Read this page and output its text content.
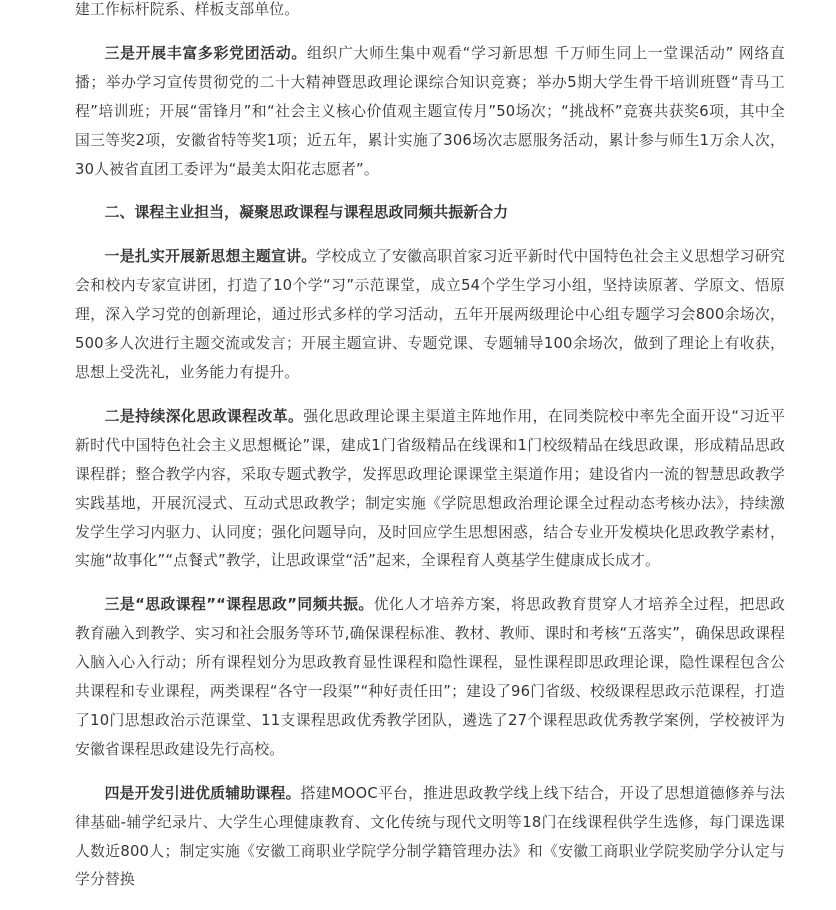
建工作标杆院系、样板支部单位。

三是开展丰富多彩党团活动。组织广大师生集中观看“学习新思想 千万师生同上一堂课活动” 网络直播；举办学习宣传贯彻党的二十大精神暨思政理论课综合知识竞赛；举办5期大学生骨干培训班暨“青马工程”培训班；开展“雷锋月”和“社会主义核心价值观主题宣传月”50场次；“挑战杯”竞赛共获奖6项，其中全国三等奖2项，安徽省特等奖1项；近五年，累计实施了306场次志愿服务活动，累计参与师生1万余人次，30人被省直团工委评为“最美太阳花志愿者”。

二、课程主业担当，凝聚思政课程与课程思政同频共振新合力

一是扎实开展新思想主题宣讲。学校成立了安徽高职首家习近平新时代中国特色社会主义思想学习研究会和校内专家宣讲团，打造了10个学“习”示范课堂，成立54个学生学习小组，坚持读原著、学原文、悟原理，深入学习党的创新理论，通过形式多样的学习活动，五年开展两级理论中心组专题学习会800余场次，500多人次进行主题交流或发言；开展主题宣讲、专题党课、专题辅导100余场次，做到了理论上有收获，思想上受洗礼，业务能力有提升。

二是持续深化思政课程改革。强化思政理论课主渠道主阵地作用，在同类院校中率先全面开设“习近平新时代中国特色社会主义思想概论”课，建成1门省级精品在线课和1门校级精品在线思政课，形成精品思政课程群；整合教学内容，采取专题式教学，发挥思政理论课课堂主渠道作用；建设省内一流的智慧思政教学实践基地，开展沉浸式、互动式思政教学；制定实施《学院思想政治理论课全过程动态考核办法》，持续激发学生学习内驱力、认同度；强化问题导向，及时回应学生思想困惑，结合专业开发模块化思政教学素材，实施“故事化”“点餐式”教学，让思政课堂“活”起来，全课程育人奠基学生健康成长成才。

三是“思政课程”“课程思政”同频共振。优化人才培养方案，将思政教育贯穿人才培养全过程，把思政教育融入到教学、实习和社会服务等环节,确保课程标准、教材、教师、课时和考核“五落实”，确保思政课程入脑入心入行动；所有课程划分为思政教育显性课程和隐性课程，显性课程即思政理论课，隐性课程包含公共课程和专业课程，两类课程“各守一段渠”“种好责任田”；建设了96门省级、校级课程思政示范课程，打造了10门思想政治示范课堂、11支课程思政优秀教学团队，遴选了27个课程思政优秀教学案例，学校被评为安徽省课程思政建设先行高校。

四是开发引进优质辅助课程。搭建MOOC平台，推进思政教学线上线下结合，开设了思想道德修养与法律基础-辅学纪录片、大学生心理健康教育、文化传统与现代文明等18门在线课程供学生选修，每门课选课人数近800人；制定实施《安徽工商职业学院学分制学籍管理办法》和《安徽工商职业学院奖励学分认定与学分替换
